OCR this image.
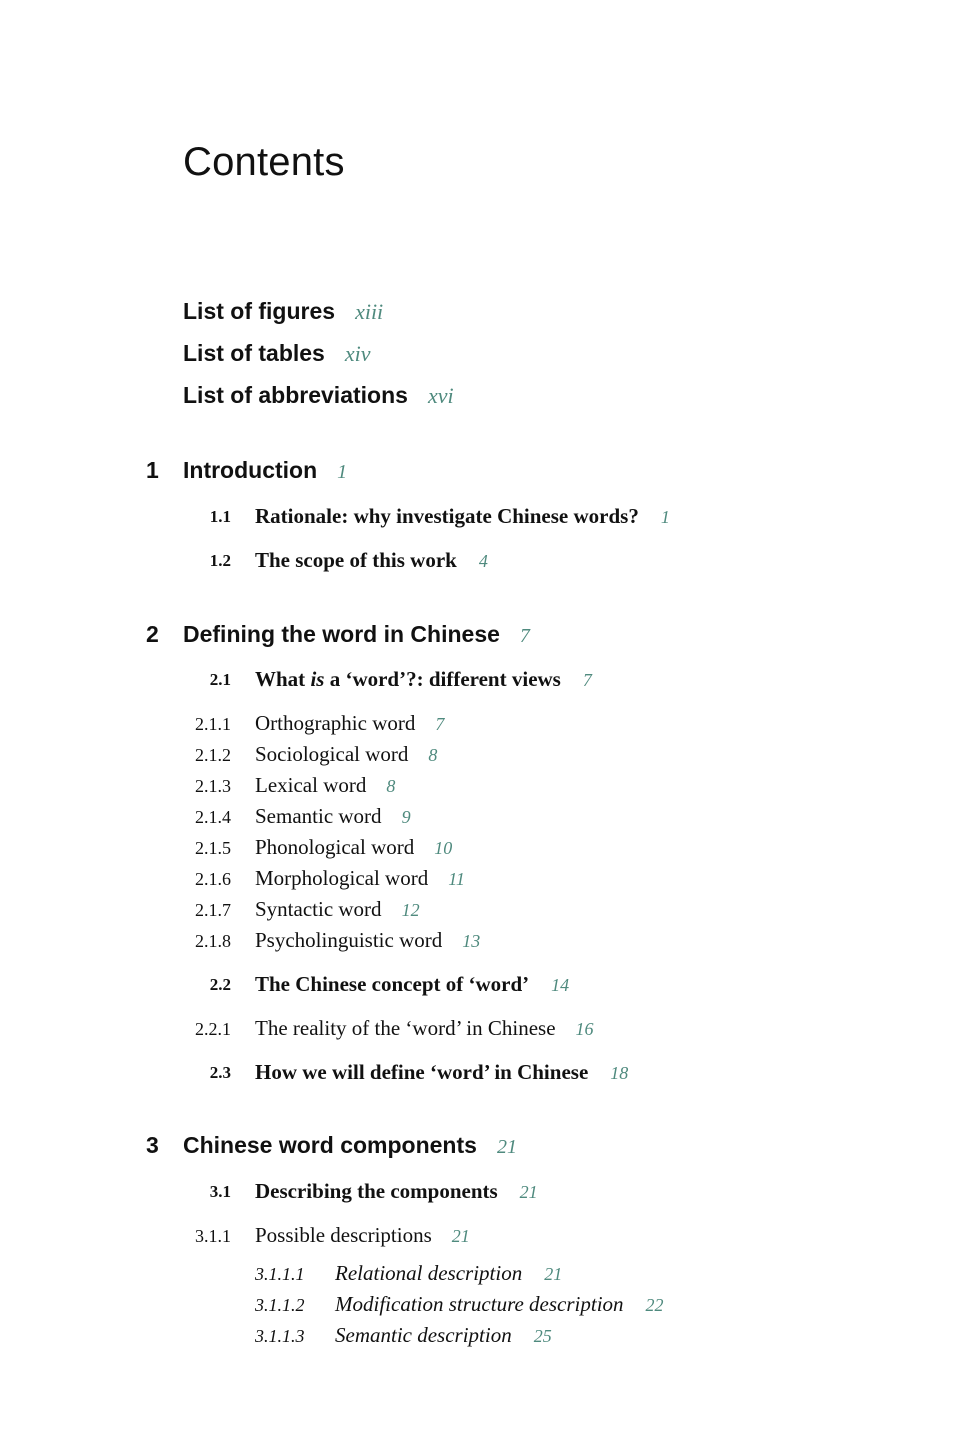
Contents
List of figures xiii
List of tables xiv
List of abbreviations xvi
1 Introduction 1
1.1 Rationale: why investigate Chinese words? 1
1.2 The scope of this work 4
2 Defining the word in Chinese 7
2.1 What is a ‘word’?: different views 7
2.1.1 Orthographic word 7
2.1.2 Sociological word 8
2.1.3 Lexical word 8
2.1.4 Semantic word 9
2.1.5 Phonological word 10
2.1.6 Morphological word 11
2.1.7 Syntactic word 12
2.1.8 Psycholinguistic word 13
2.2 The Chinese concept of ‘word’ 14
2.2.1 The reality of the ‘word’ in Chinese 16
2.3 How we will define ‘word’ in Chinese 18
3 Chinese word components 21
3.1 Describing the components 21
3.1.1 Possible descriptions 21
3.1.1.1 Relational description 21
3.1.1.2 Modification structure description 22
3.1.1.3 Semantic description 25
